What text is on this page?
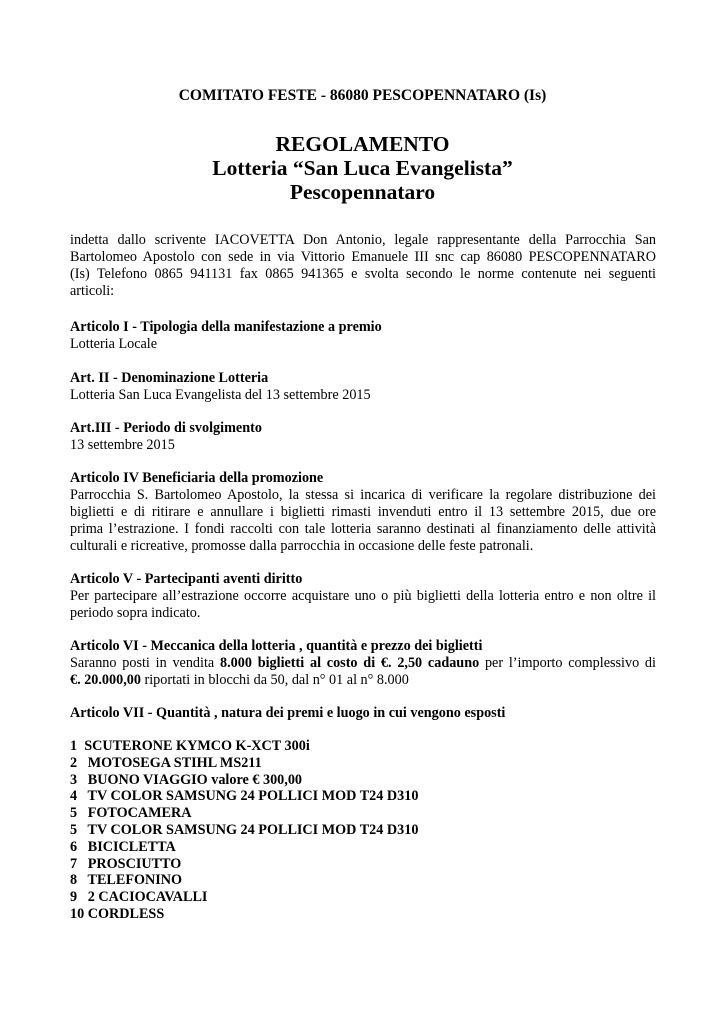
COMITATO FESTE - 86080 PESCOPENNATARO (Is)
REGOLAMENTO
Lotteria “San Luca Evangelista”
Pescopennataro
indetta dallo scrivente IACOVETTA Don Antonio, legale rappresentante della Parrocchia San
Bartolomeo Apostolo con sede in via Vittorio Emanuele III snc cap 86080 PESCOPENNATARO
(Is) Telefono 0865 941131 fax 0865 941365 e svolta secondo le norme contenute nei seguenti
articoli:
Articolo I - Tipologia della manifestazione a premio
Lotteria Locale
Art. II - Denominazione Lotteria
Lotteria San Luca Evangelista del 13 settembre 2015
Art.III - Periodo di svolgimento
13 settembre 2015
Articolo IV Beneficiaria della promozione
Parrocchia S. Bartolomeo Apostolo, la stessa si incarica di verificare la regolare distribuzione dei
biglietti e di ritirare e annullare i biglietti rimasti invenduti entro il 13 settembre 2015, due ore
prima l’estrazione. I fondi raccolti con tale lotteria saranno destinati al finanziamento delle attività
culturali e ricreative, promosse dalla parrocchia in occasione delle feste patronali.
Articolo V - Partecipanti aventi diritto
Per partecipare all’estrazione occorre acquistare uno o più biglietti della lotteria entro e non oltre il
periodo sopra indicato.
Articolo VI - Meccanica della lotteria , quantità e prezzo dei biglietti
Saranno posti in vendita 8.000 biglietti al costo di €. 2,50 cadauno per l’importo complessivo di
€. 20.000,00 riportati in blocchi da 50, dal n° 01 al n° 8.000
Articolo VII - Quantità , natura dei premi e luogo in cui vengono esposti
1  SCUTERONE KYMCO K-XCT 300i
2   MOTOSEGA STIHL MS211
3   BUONO VIAGGIO valore € 300,00
4   TV COLOR SAMSUNG 24 POLLICI MOD T24 D310
5   FOTOCAMERA
5   TV COLOR SAMSUNG 24 POLLICI MOD T24 D310
6   BICICLETTA
7   PROSCIUTTO
8   TELEFONINO
9   2 CACIOCAVALLI
10 CORDLESS
